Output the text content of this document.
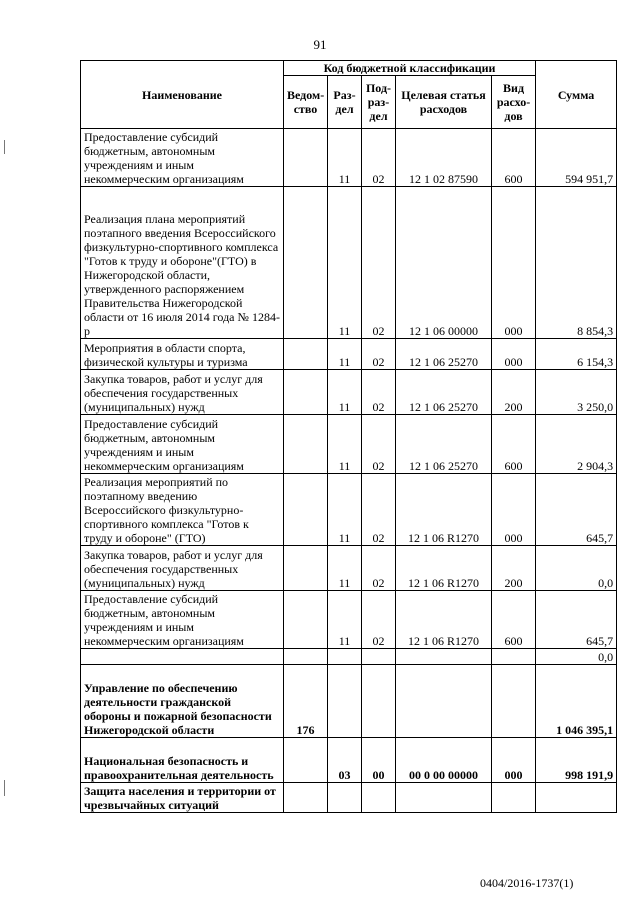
91
Наименование	Код бюджетной классификации					Сумма
	Ведом-ство	Раз-дел	Под-раз-дел	Целевая статья расходов	Вид расхо-дов	
Предоставление субсидий бюджетным, автономным учреждениям и иным некоммерческим организациям		11	02	12 1 02 87590	600	594 951,7
Реализация плана мероприятий поэтапного введения Всероссийского физкультурно-спортивного комплекса "Готов к труду и обороне"(ГТО) в Нижегородской области, утвержденного распоряжением Правительства Нижегородской области от 16 июля 2014 года № 1284-р		11	02	12 1 06 00000	000	8 854,3
Мероприятия в области спорта, физической культуры и туризма		11	02	12 1 06 25270	000	6 154,3
Закупка товаров, работ и услуг для обеспечения государственных (муниципальных) нужд		11	02	12 1 06 25270	200	3 250,0
Предоставление субсидий бюджетным, автономным учреждениям и иным некоммерческим организациям		11	02	12 1 06 25270	600	2 904,3
Реализация мероприятий по поэтапному введению Всероссийского физкультурно-спортивного комплекса "Готов к труду и обороне" (ГТО)		11	02	12 1 06 R1270	000	645,7
Закупка товаров, работ и услуг для обеспечения государственных (муниципальных) нужд		11	02	12 1 06 R1270	200	0,0
Предоставление субсидий бюджетным, автономным учреждениям и иным некоммерческим организациям		11	02	12 1 06 R1270	600	645,7
						0,0
Управление по обеспечению деятельности гражданской обороны и пожарной безопасности Нижегородской области	176					1 046 395,1
Национальная безопасность и правоохранительная деятельность		03	00	00 0 00 00000	000	998 191,9
Защита населения и территории от чрезвычайных ситуаций						
0404/2016-1737(1)
